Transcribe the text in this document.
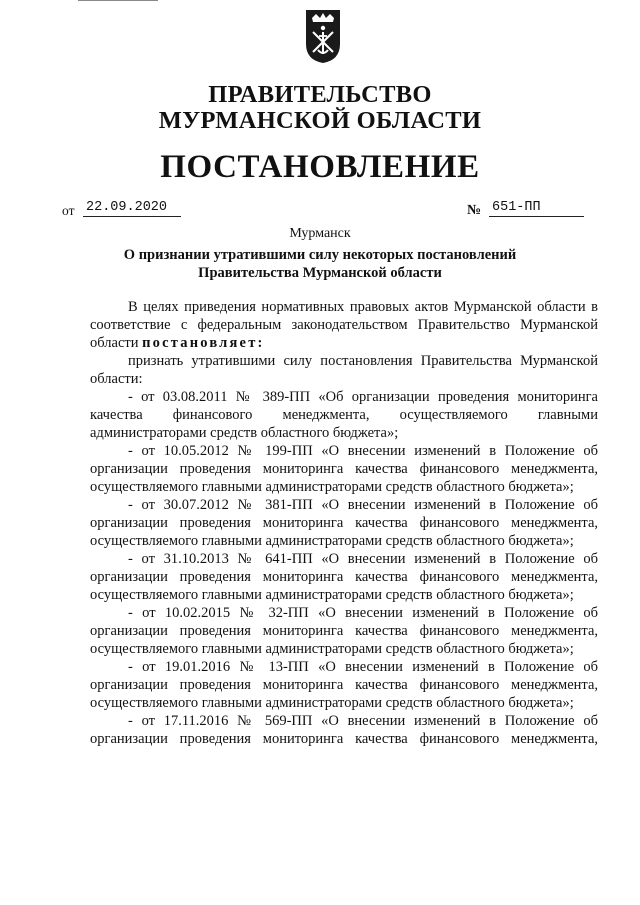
ПРАВИТЕЛЬСТВО
МУРМАНСКОЙ ОБЛАСТИ
ПОСТАНОВЛЕНИЕ
от 22.09.2020	№ 651-ПП
Мурманск
О признании утратившими силу некоторых постановлений
Правительства Мурманской области

В целях приведения нормативных правовых актов Мурманской области в соответствие с федеральным законодательством Правительство Мурманской области постановляет:

признать утратившими силу постановления Правительства Мурманской области:

- от 03.08.2011 № 389-ПП «Об организации проведения мониторинга качества финансового менеджмента, осуществляемого главными администраторами средств областного бюджета»;

- от 10.05.2012 № 199-ПП «О внесении изменений в Положение об организации проведения мониторинга качества финансового менеджмента, осуществляемого главными администраторами средств областного бюджета»;

- от 30.07.2012 № 381-ПП «О внесении изменений в Положение об организации проведения мониторинга качества финансового менеджмента, осуществляемого главными администраторами средств областного бюджета»;

- от 31.10.2013 № 641-ПП «О внесении изменений в Положение об организации проведения мониторинга качества финансового менеджмента, осуществляемого главными администраторами средств областного бюджета»;

- от 10.02.2015 № 32-ПП «О внесении изменений в Положение об организации проведения мониторинга качества финансового менеджмента, осуществляемого главными администраторами средств областного бюджета»;

- от 19.01.2016 № 13-ПП «О внесении изменений в Положение об организации проведения мониторинга качества финансового менеджмента, осуществляемого главными администраторами средств областного бюджета»;

- от 17.11.2016 № 569-ПП «О внесении изменений в Положение об организации проведения мониторинга качества финансового менеджмента,
